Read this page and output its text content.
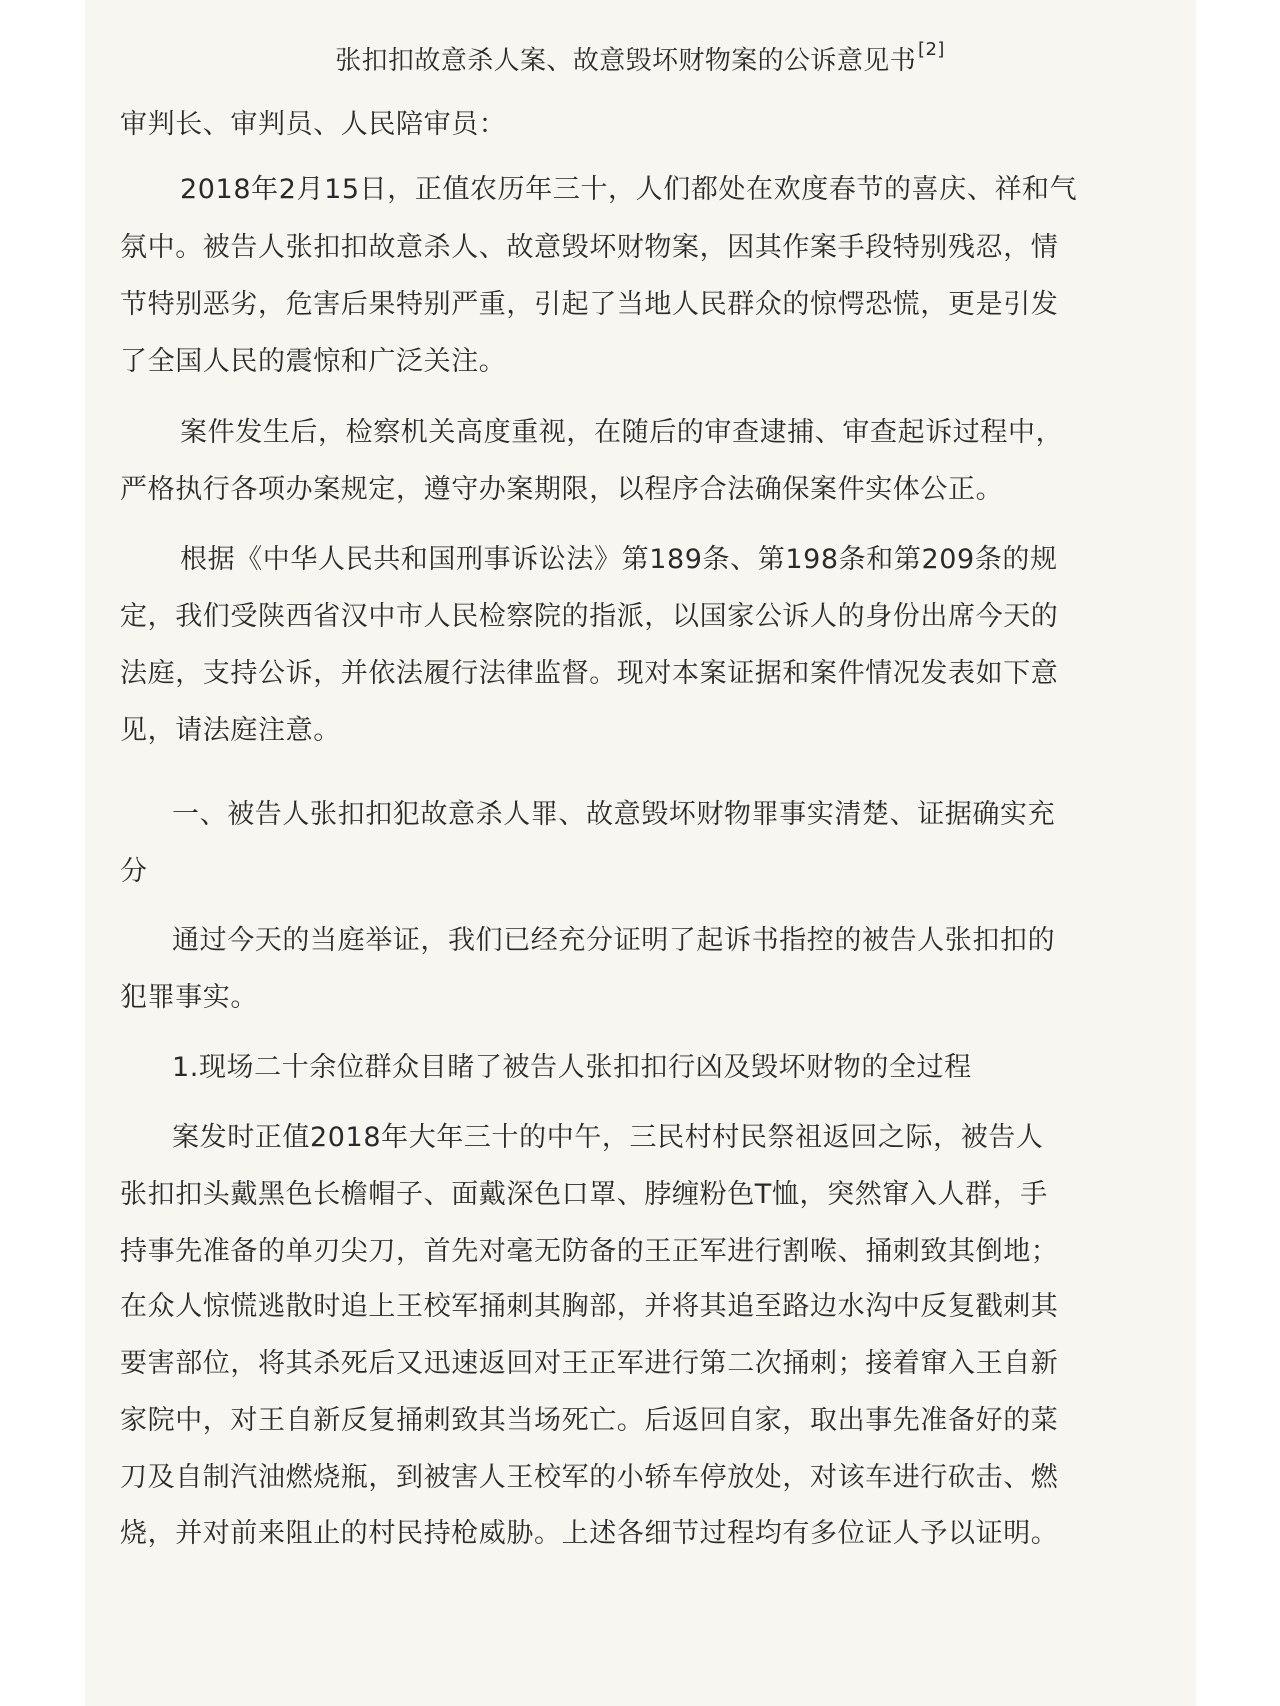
张扣扣故意杀人案、故意毁坏财物案的公诉意见书 [2]
审判长、审判员、人民陪审员：
2018年2月15日，正值农历年三十，人们都处在欢度春节的喜庆、祥和气
氛中。被告人张扣扣故意杀人、故意毁坏财物案，因其作案手段特别残忍，情
节特别恶劣，危害后果特别严重，引起了当地人民群众的惊愕恐慌，更是引发
了全国人民的震惊和广泛关注。
案件发生后，检察机关高度重视，在随后的审查逮捕、审查起诉过程中，
严格执行各项办案规定，遵守办案期限，以程序合法确保案件实体公正。
根据《中华人民共和国刑事诉讼法》第189条、第198条和第209条的规
定，我们受陕西省汉中市人民检察院的指派，以国家公诉人的身份出席今天的
法庭，支持公诉，并依法履行法律监督。现对本案证据和案件情况发表如下意
见，请法庭注意。
一、被告人张扣扣犯故意杀人罪、故意毁坏财物罪事实清楚、证据确实充
分
通过今天的当庭举证，我们已经充分证明了起诉书指控的被告人张扣扣的
犯罪事实。
1.现场二十余位群众目睹了被告人张扣扣行凶及毁坏财物的全过程
案发时正值2018年大年三十的中午，三民村村民祭祖返回之际，被告人
张扣扣头戴黑色长檐帽子、面戴深色口罩、脖缠粉色T恤，突然窜入人群，手
持事先准备的单刃尖刀，首先对毫无防备的王正军进行割喉、捅刺致其倒地；
在众人惊慌逃散时追上王校军捅刺其胸部，并将其追至路边水沟中反复戳刺其
要害部位，将其杀死后又迅速返回对王正军进行第二次捅刺；接着窜入王自新
家院中，对王自新反复捅刺致其当场死亡。后返回自家，取出事先准备好的菜
刀及自制汽油燃烧瓶，到被害人王校军的小轿车停放处，对该车进行砍击、燃
烧，并对前来阻止的村民持枪威胁。上述各细节过程均有多位证人予以证明。
